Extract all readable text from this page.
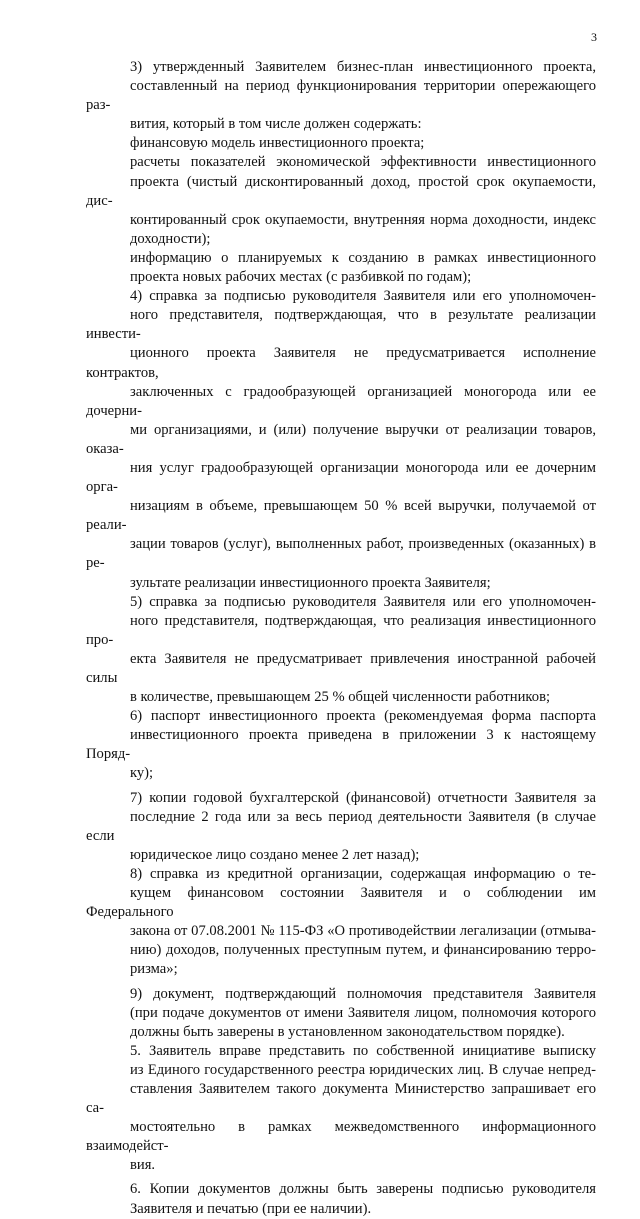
3

3) утвержденный Заявителем бизнес-план инвестиционного проекта,
составленный на период функционирования территории опережающего раз-
вития, который в том числе должен содержать:

финансовую модель инвестиционного проекта;

расчеты показателей экономической эффективности инвестиционного
проекта (чистый дисконтированный доход, простой срок окупаемости, дис-
контированный срок окупаемости, внутренняя норма доходности, индекс
доходности);

информацию о планируемых к созданию в рамках инвестиционного
проекта новых рабочих местах (с разбивкой по годам);

4) справка за подписью руководителя Заявителя или его уполномочен-
ного представителя, подтверждающая, что в результате реализации инвести-
ционного проекта Заявителя не предусматривается исполнение контрактов,
заключенных с градообразующей организацией моногорода или ее дочерни-
ми организациями, и (или) получение выручки от реализации товаров, оказа-
ния услуг градообразующей организации моногорода или ее дочерним орга-
низациям в объеме, превышающем 50 % всей выручки, получаемой от реали-
зации товаров (услуг), выполненных работ, произведенных (оказанных) в ре-
зультате реализации инвестиционного проекта Заявителя;

5) справка за подписью руководителя Заявителя или его уполномочен-
ного представителя, подтверждающая, что реализация инвестиционного про-
екта Заявителя не предусматривает привлечения иностранной рабочей силы
в количестве, превышающем 25 % общей численности работников;

6) паспорт инвестиционного проекта (рекомендуемая форма паспорта
инвестиционного проекта приведена в приложении 3 к настоящему Поряд-
ку);

7) копии годовой бухгалтерской (финансовой) отчетности Заявителя за
последние 2 года или за весь период деятельности Заявителя (в случае если
юридическое лицо создано менее 2 лет назад);

8) справка из кредитной организации, содержащая информацию о те-
кущем финансовом состоянии Заявителя и о соблюдении им Федерального
закона от 07.08.2001 № 115-ФЗ «О противодействии легализации (отмыва-
нию) доходов, полученных преступным путем, и финансированию терро-
ризма»;

9) документ, подтверждающий полномочия представителя Заявителя
(при подаче документов от имени Заявителя лицом, полномочия которого
должны быть заверены в установленном законодательством порядке).

5. Заявитель вправе представить по собственной инициативе выписку
из Единого государственного реестра юридических лиц. В случае непред-
ставления Заявителем такого документа Министерство запрашивает его са-
мостоятельно в рамках межведомственного информационного взаимодейст-
вия.

6. Копии документов должны быть заверены подписью руководителя
Заявителя и печатью (при ее наличии).
